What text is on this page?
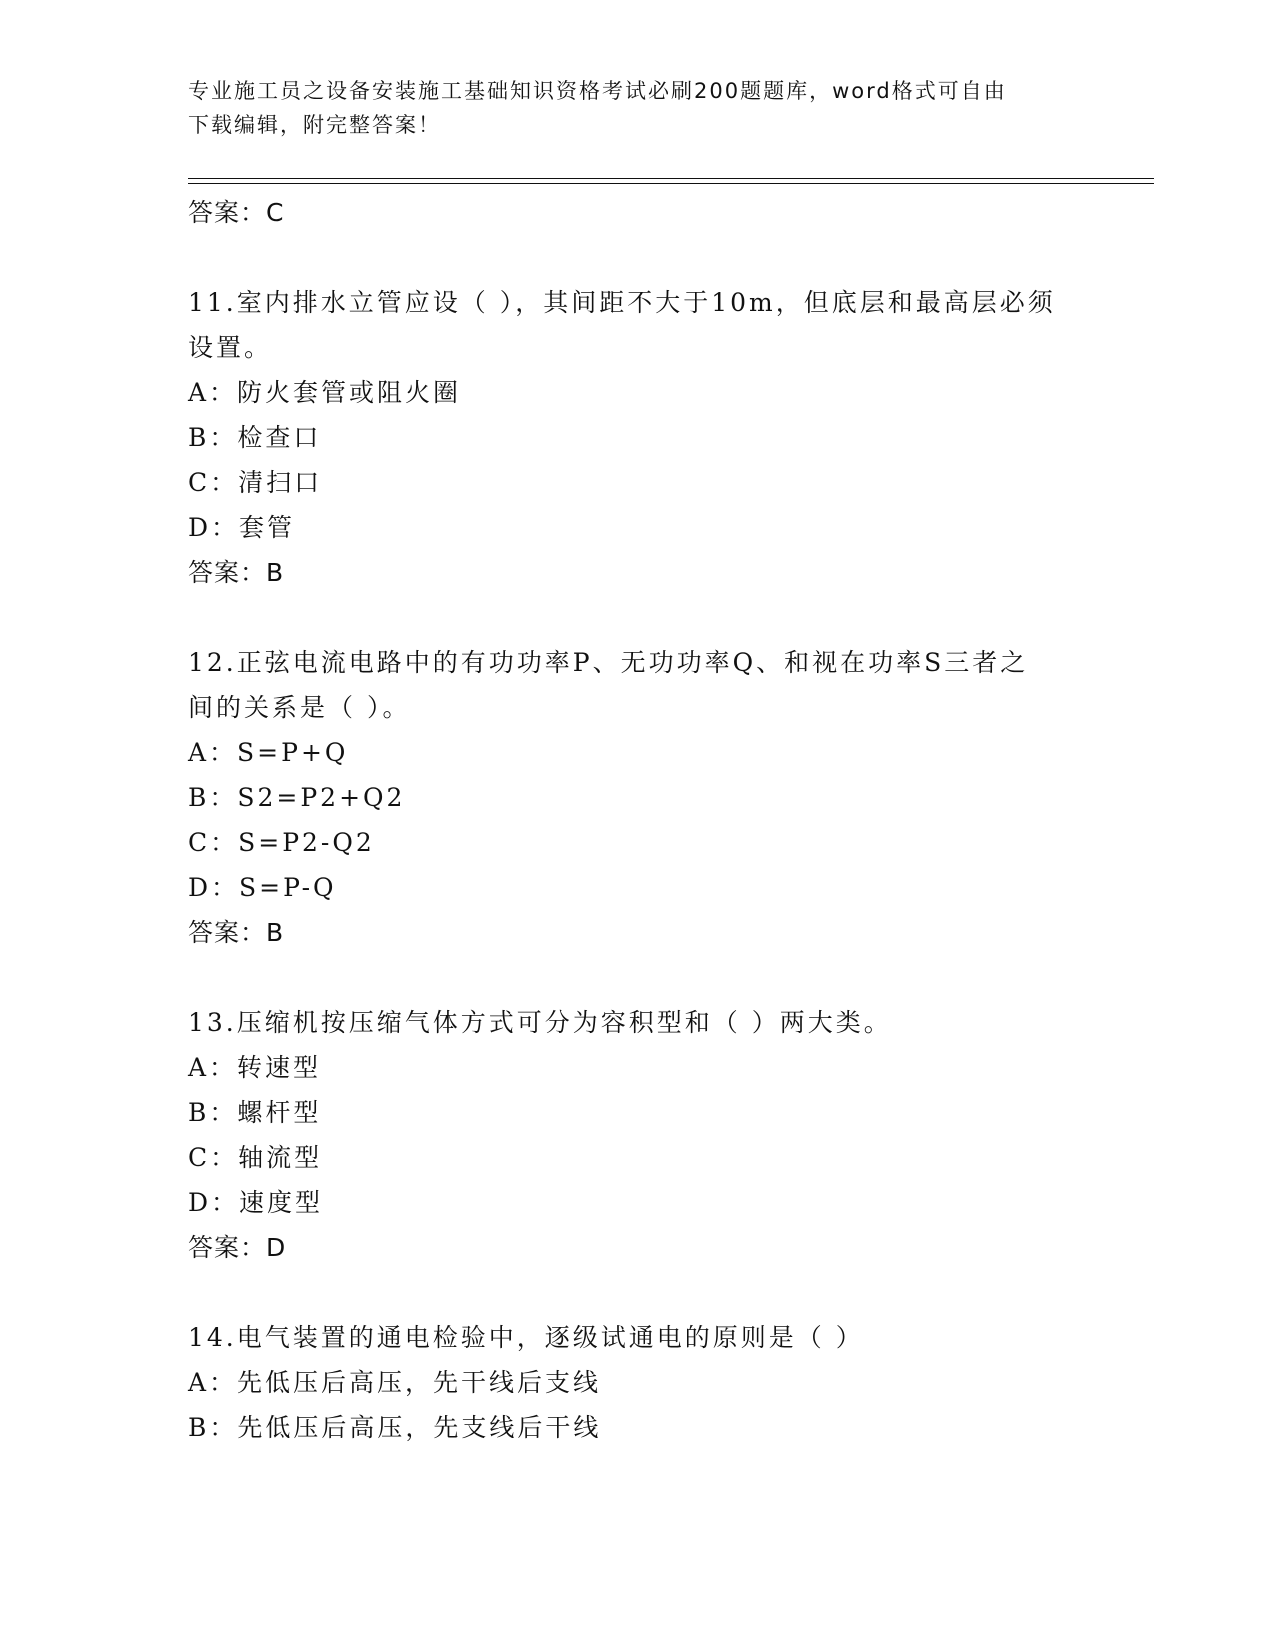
专业施工员之设备安装施工基础知识资格考试必刷200题题库，word格式可自由
下载编辑，附完整答案！
答案：C
11.室内排水立管应设（ ），其间距不大于10m，但底层和最高层必须
设置。
A：防火套管或阻火圈
B：检查口
C：清扫口
D：套管
答案：B
12.正弦电流电路中的有功功率P、无功功率Q、和视在功率S三者之
间的关系是（ ）。
A：S=P+Q
B：S2=P2+Q2
C：S=P2-Q2
D：S=P-Q
答案：B
13.压缩机按压缩气体方式可分为容积型和（ ）两大类。
A：转速型
B：螺杆型
C：轴流型
D：速度型
答案：D
14.电气装置的通电检验中，逐级试通电的原则是（ ）
A：先低压后高压，先干线后支线
B：先低压后高压，先支线后干线
